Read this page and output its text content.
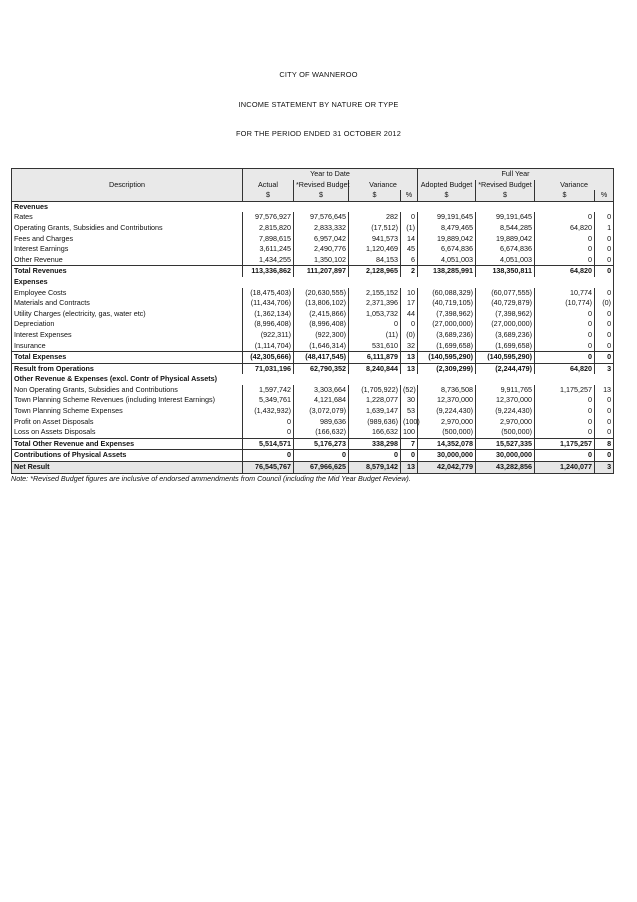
CITY OF WANNEROO
INCOME STATEMENT BY NATURE OR TYPE
FOR THE PERIOD ENDED 31 OCTOBER 2012
	Year to Date				Full Year			
Description	Actual	*Revised Budget	Variance		Adopted Budget	*Revised Budget	Variance	
	$	$	$	%	$	$	$	%
Revenues								
Rates	97,576,927	97,576,645	282	0	99,191,645	99,191,645	0	0
Operating Grants, Subsidies and Contributions	2,815,820	2,833,332	(17,512)	(1)	8,479,465	8,544,285	64,820	1
Fees and Charges	7,898,615	6,957,042	941,573	14	19,889,042	19,889,042	0	0
Interest Earnings	3,611,245	2,490,776	1,120,469	45	6,674,836	6,674,836	0	0
Other Revenue	1,434,255	1,350,102	84,153	6	4,051,003	4,051,003	0	0
Total Revenues	113,336,862	111,207,897	2,128,965	2	138,285,991	138,350,811	64,820	0
Expenses								
Employee Costs	(18,475,403)	(20,630,555)	2,155,152	10	(60,088,329)	(60,077,555)	10,774	0
Materials and Contracts	(11,434,706)	(13,806,102)	2,371,396	17	(40,719,105)	(40,729,879)	(10,774)	(0)
Utility Charges (electricity, gas, water etc)	(1,362,134)	(2,415,866)	1,053,732	44	(7,398,962)	(7,398,962)	0	0
Depreciation	(8,996,408)	(8,996,408)	0	0	(27,000,000)	(27,000,000)	0	0
Interest Expenses	(922,311)	(922,300)	(11)	(0)	(3,689,236)	(3,689,236)	0	0
Insurance	(1,114,704)	(1,646,314)	531,610	32	(1,699,658)	(1,699,658)	0	0
Total Expenses	(42,305,666)	(48,417,545)	6,111,879	13	(140,595,290)	(140,595,290)	0	0
Result from Operations	71,031,196	62,790,352	8,240,844	13	(2,309,299)	(2,244,479)	64,820	3
Other Revenue & Expenses (excl. Contr of Physical Assets)								
Non Operating Grants, Subsidies and Contributions	1,597,742	3,303,664	(1,705,922)	(52)	8,736,508	9,911,765	1,175,257	13
Town Planning Scheme Revenues (including Interest Earnings)	5,349,761	4,121,684	1,228,077	30	12,370,000	12,370,000	0	0
Town Planning Scheme Expenses	(1,432,932)	(3,072,079)	1,639,147	53	(9,224,430)	(9,224,430)	0	0
Profit on Asset Disposals	0	989,636	(989,636)	(100)	2,970,000	2,970,000	0	0
Loss on Assets Disposals	0	(166,632)	166,632	100	(500,000)	(500,000)	0	0
Total Other Revenue and Expenses	5,514,571	5,176,273	338,298	7	14,352,078	15,527,335	1,175,257	8
Contributions of Physical Assets	0	0	0	0	30,000,000	30,000,000	0	0
Net Result	76,545,767	67,966,625	8,579,142	13	42,042,779	43,282,856	1,240,077	3
Note: *Revised Budget figures are inclusive of endorsed ammendments from Council (including the Mid Year Budget Review).
